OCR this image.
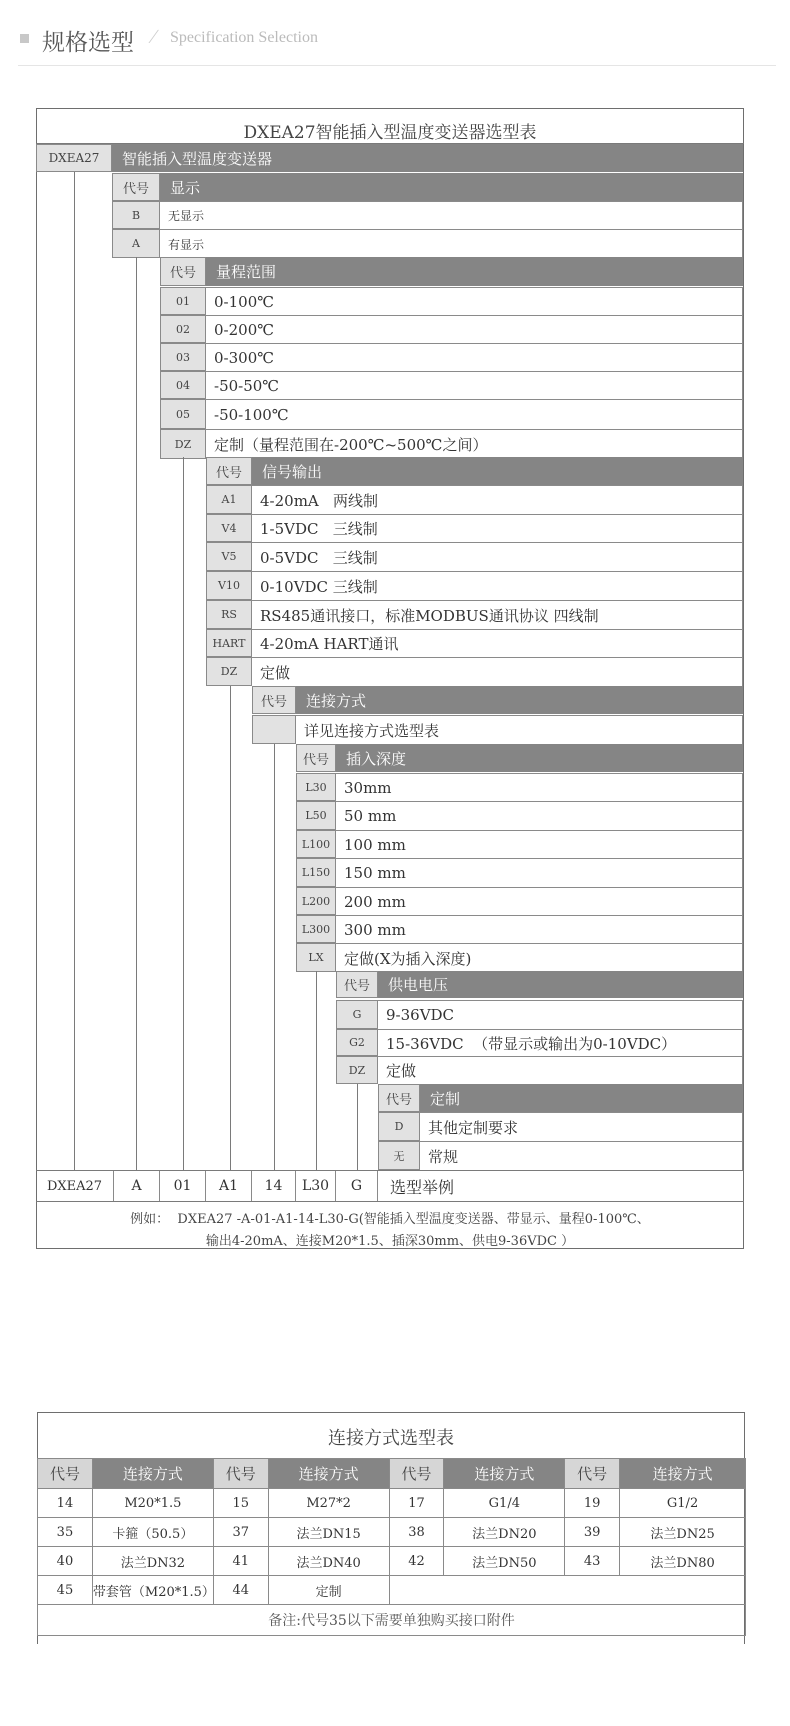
规格选型 ∕ Specification Selection
DXEA27智能插入型温度变送器选型表
DXEA27	智能插入型温度变送器
代号	显示
B	无显示
A	有显示
代号	量程范围
01	0-100℃
02	0-200℃
03	0-300℃
04	-50-50℃
05	-50-100℃
DZ	定制（量程范围在-200℃~500℃之间）
代号	信号输出
A1	4-20mA   两线制
V4	1-5VDC   三线制
V5	0-5VDC   三线制
V10	0-10VDC 三线制
RS	RS485通讯接口，标准MODBUS通讯协议 四线制
HART 4-20mA HART通讯
DZ	定做
代号	连接方式
详见连接方式选型表
代号	插入深度
L30	30mm
L50	50 mm
L100 100 mm
L150 150 mm
L200 200 mm
L300 300 mm
LX	定做(X为插入深度)
代号	供电电压
G	9-36VDC
G2	15-36VDC  （带显示或输出为0-10VDC）
DZ	定做
代号	定制
D	其他定制要求
无	常规
DXEA27	A	01	A1	14	L30	G	选型举例
例如：  DXEA27 -A-01-A1-14-L30-G(智能插入型温度变送器、带显示、量程0-100℃、
输出4-20mA、连接M20*1.5、插深30mm、供电9-36VDC ）
连接方式选型表
代号	连接方式	代号	连接方式	代号	连接方式	代号	连接方式
14	M20*1.5	15	M27*2	17	G1/4	19	G1/2
35	卡箍（50.5）	37	法兰DN15	38	法兰DN20	39	法兰DN25
40	法兰DN32	41	法兰DN40	42	法兰DN50	43	法兰DN80
45	带套管（M20*1.5）	44	定制				
备注:代号35以下需要单独购买接口附件							
